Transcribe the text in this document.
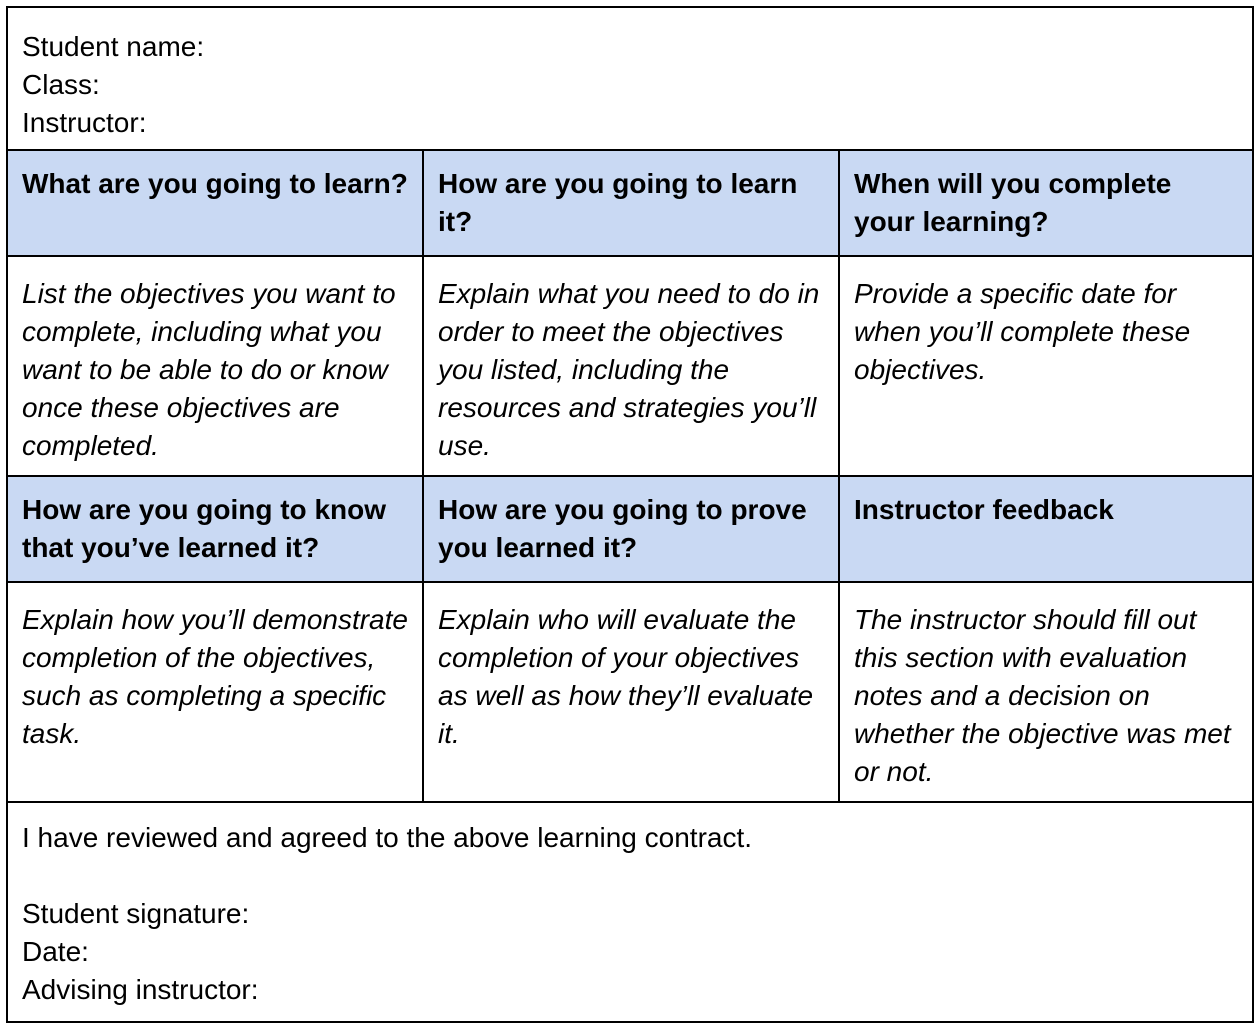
Student name:
Class:
Instructor:
What are you going to learn?	How are you going to learn it?
When will you complete your learning?
List the objectives you want to complete, including what you want to be able to do or know once these objectives are completed.
Explain what you need to do in order to meet the objectives you listed, including the resources and strategies you’ll use.
Provide a specific date for when you’ll complete these objectives.
How are you going to know that you’ve learned it?
How are you going to prove you learned it?
Instructor feedback
Explain how you’ll demonstrate completion of the objectives, such as completing a specific task.
Explain who will evaluate the completion of your objectives as well as how they’ll evaluate it.
The instructor should fill out this section with evaluation notes and a decision on whether the objective was met or not.
I have reviewed and agreed to the above learning contract.

Student signature:
Date:
Advising instructor:
